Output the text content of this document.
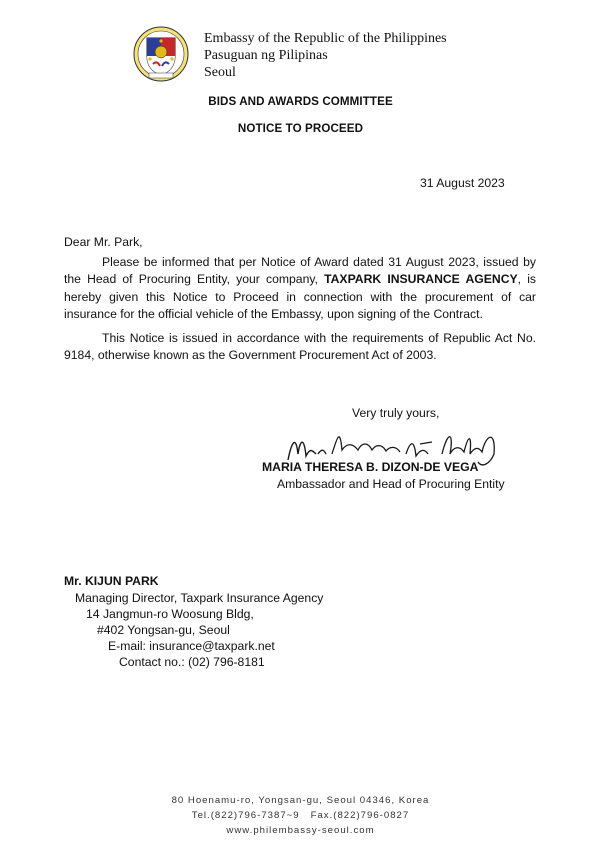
Embassy of the Republic of the Philippines
Pasuguan ng Pilipinas
Seoul
BIDS AND AWARDS COMMITTEE
NOTICE TO PROCEED
31 August 2023
Dear Mr. Park,
Please be informed that per Notice of Award dated 31 August 2023, issued by the Head of Procuring Entity, your company, TAXPARK INSURANCE AGENCY, is hereby given this Notice to Proceed in connection with the procurement of car insurance for the official vehicle of the Embassy, upon signing of the Contract.
This Notice is issued in accordance with the requirements of Republic Act No. 9184, otherwise known as the Government Procurement Act of 2003.
Very truly yours,
MARIA THERESA B. DIZON-DE VEGA
Ambassador and Head of Procuring Entity
Mr. KIJUN PARK
Managing Director, Taxpark Insurance Agency
14 Jangmun-ro Woosung Bldg,
#402 Yongsan-gu, Seoul
E-mail: insurance@taxpark.net
Contact no.: (02) 796-8181
80 Hoenamu-ro, Yongsan-gu, Seoul 04346, Korea
Tel.(822)796-7387~9   Fax.(822)796-0827
www.philembassy-seoul.com
